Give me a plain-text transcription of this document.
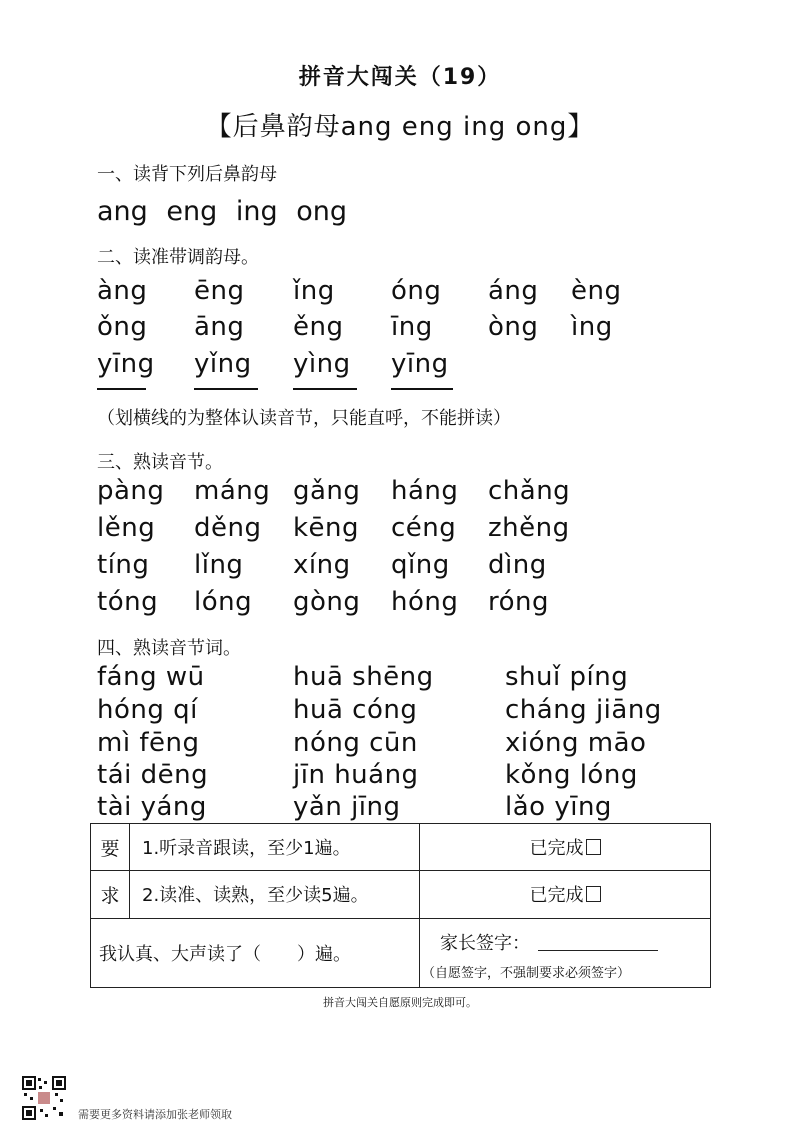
拼音大闯关（19）
【后鼻韵母ang eng ing ong】
一、读背下列后鼻韵母
ang eng ing ong
二、读准带调韵母。
àng ēng ǐng óng áng èng
ǒng āng ěng īng òng ìng
yīng yǐng yìng yīng
（划横线的为整体认读音节，只能直呼，不能拼读）
三、熟读音节。
pàng máng gǎng háng chǎng
lěng děng kēng céng zhěng
tíng lǐng xíng qǐng dìng
tóng lóng gòng hóng róng
四、熟读音节词。
fáng wū	huā shēng	shuǐ píng
hóng qí	huā cóng	cháng jiāng
mì fēng	nóng cūn	xióng māo
tái dēng	jīn huáng	kǒng lóng
tài yáng	yǎn jīng	lǎo yīng
要	1.听录音跟读，至少1遍。	已完成
求	2.读准、读熟，至少读5遍。	已完成
我认真、大声读了（　　）遍。		家长签字：
（自愿签字，不强制要求必须签字）
拼音大闯关自愿原则完成即可。
需要更多资料请添加张老师领取
